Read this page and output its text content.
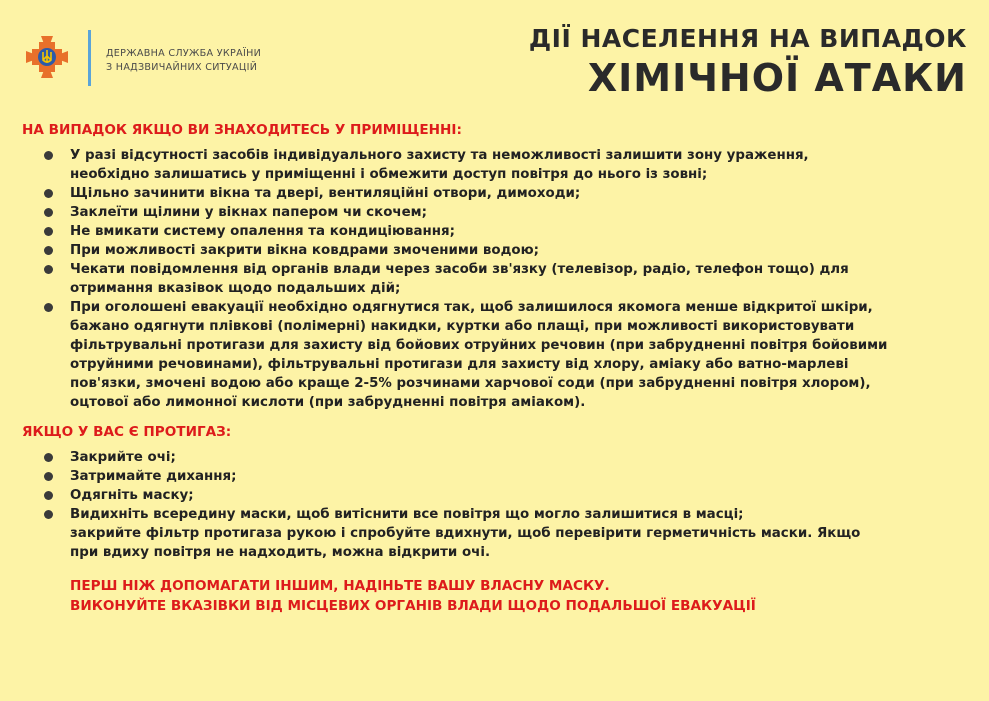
ДЕРЖАВНА СЛУЖБА УКРАЇНИ
З НАДЗВИЧАЙНИХ СИТУАЦІЙ
ДІЇ НАСЕЛЕННЯ НА ВИПАДОК
ХІМІЧНОЇ АТАКИ

НА ВИПАДОК ЯКЩО ВИ ЗНАХОДИТЕСЬ У ПРИМІЩЕННІ:

У разі відсутності засобів індивідуального захисту та неможливості залишити зону ураження,
необхідно залишатись у приміщенні і обмежити доступ повітря до нього із зовні;
Щільно зачинити вікна та двері, вентиляційні отвори, димоходи;
Заклеїти щілини у вікнах папером чи скочем;
Не вмикати систему опалення та кондиціювання;
При можливості закрити вікна ковдрами змоченими водою;
Чекати повідомлення від органів влади через засоби зв'язку (телевізор, радіо, телефон тощо) для
отримання вказівок щодо подальших дій;
При оголошені евакуації необхідно одягнутися так, щоб залишилося якомога менше відкритої шкіри,
бажано одягнути плівкові (полімерні) накидки, куртки або плащі, при можливості використовувати
фільтрувальні протигази для захисту від бойових отруйних речовин (при забрудненні повітря бойовими
отруйними речовинами), фільтрувальні протигази для захисту від хлору, аміаку або ватно-марлеві
пов'язки, змочені водою або краще 2-5% розчинами харчової соди (при забрудненні повітря хлором),
оцтової або лимонної кислоти (при забрудненні повітря аміаком).

ЯКЩО У ВАС Є ПРОТИГАЗ:

Закрийте очі;
Затримайте дихання;
Одягніть маску;
Видихніть всередину маски, щоб витіснити все повітря що могло залишитися в масці;
закрийте фільтр протигаза рукою і спробуйте вдихнути, щоб перевірити герметичність маски. Якщо
при вдиху повітря не надходить, можна відкрити очі.
ПЕРШ НІЖ ДОПОМАГАТИ ІНШИМ, НАДІНЬТЕ ВАШУ ВЛАСНУ МАСКУ.
ВИКОНУЙТЕ ВКАЗІВКИ ВІД МІСЦЕВИХ ОРГАНІВ ВЛАДИ ЩОДО ПОДАЛЬШОЇ ЕВАКУАЦІЇ
